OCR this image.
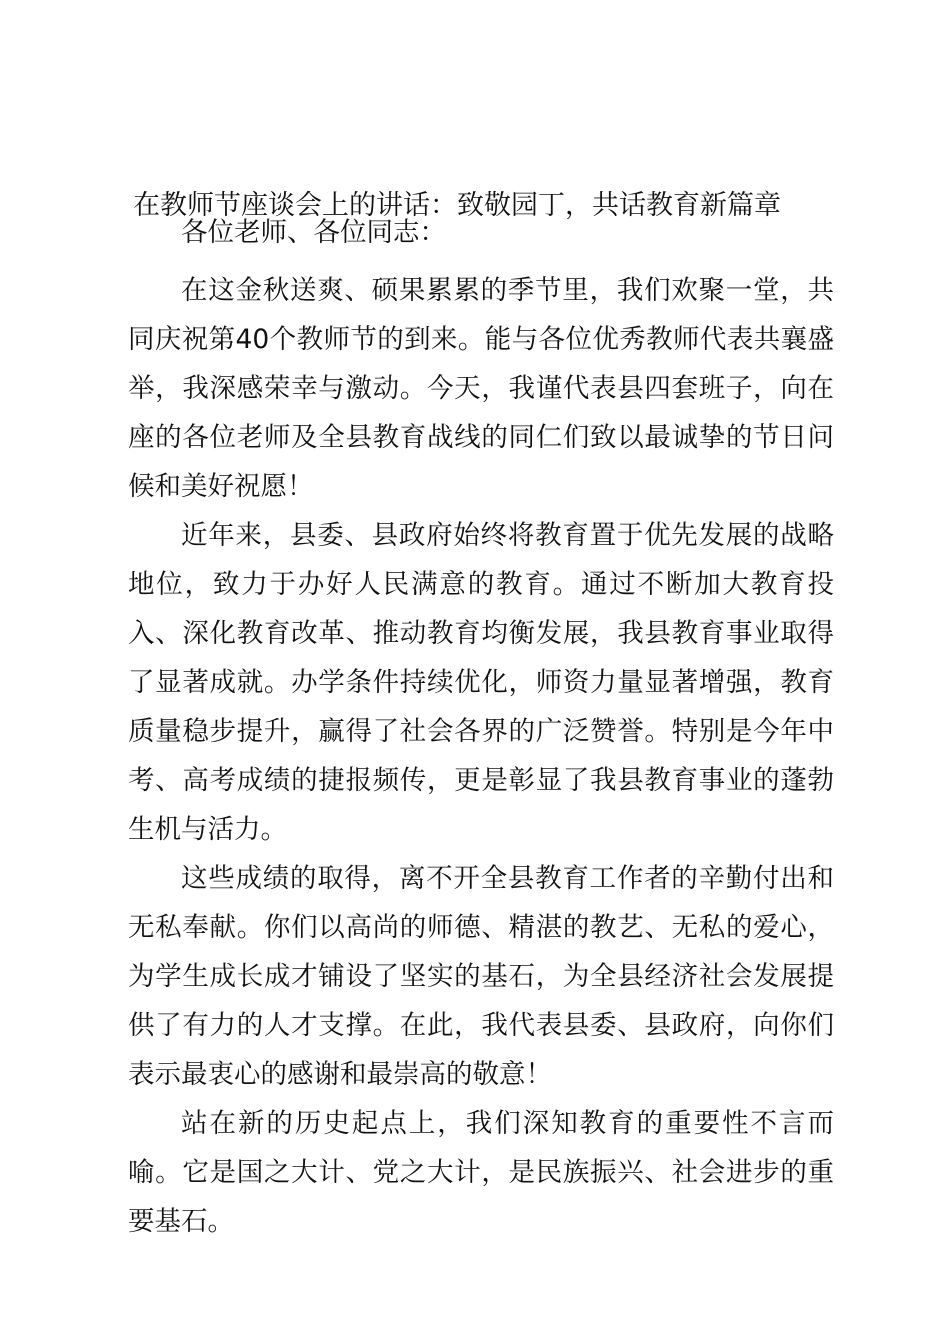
在教师节座谈会上的讲话：致敬园丁，共话教育新篇章

各位老师、各位同志：

在这金秋送爽、硕果累累的季节里，我们欢聚一堂，共同庆祝第40个教师节的到来。能与各位优秀教师代表共襄盛举，我深感荣幸与激动。今天，我谨代表县四套班子，向在座的各位老师及全县教育战线的同仁们致以最诚挚的节日问候和美好祝愿！

近年来，县委、县政府始终将教育置于优先发展的战略地位，致力于办好人民满意的教育。通过不断加大教育投入、深化教育改革、推动教育均衡发展，我县教育事业取得了显著成就。办学条件持续优化，师资力量显著增强，教育质量稳步提升，赢得了社会各界的广泛赞誉。特别是今年中考、高考成绩的捷报频传，更是彰显了我县教育事业的蓬勃生机与活力。

这些成绩的取得，离不开全县教育工作者的辛勤付出和无私奉献。你们以高尚的师德、精湛的教艺、无私的爱心，为学生成长成才铺设了坚实的基石，为全县经济社会发展提供了有力的人才支撑。在此，我代表县委、县政府，向你们表示最衷心的感谢和最崇高的敬意！

站在新的历史起点上，我们深知教育的重要性不言而喻。它是国之大计、党之大计，是民族振兴、社会进步的重要基石。
